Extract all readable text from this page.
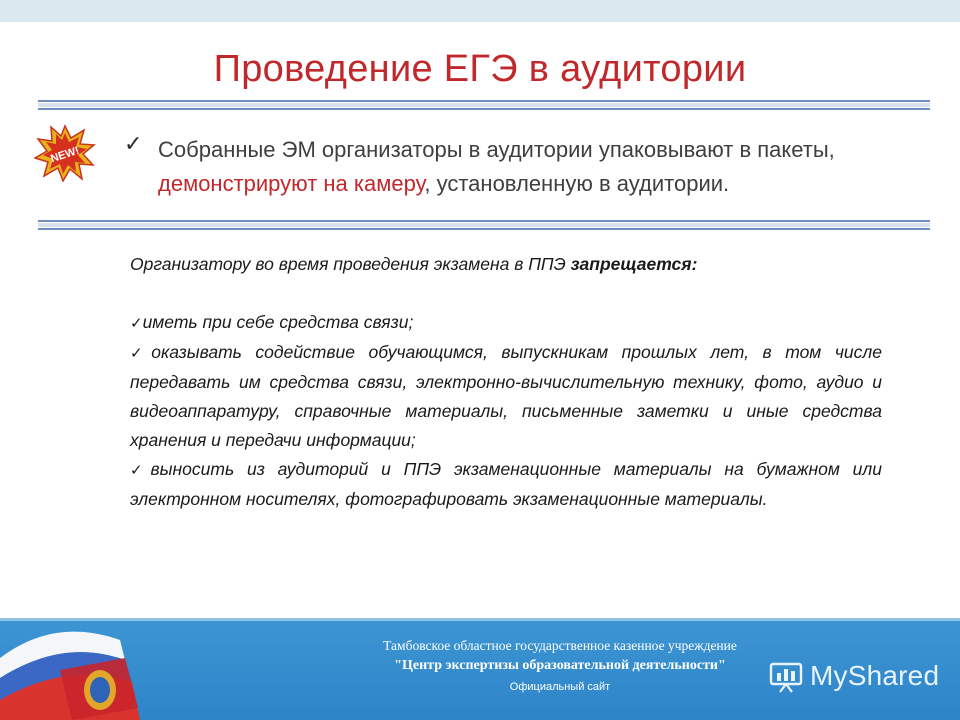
Проведение ЕГЭ в аудитории
NEW! ✓ Собранные ЭМ организаторы в аудитории упаковывают в пакеты, демонстрируют на камеру, установленную в аудитории.

Организатору во время проведения экзамена в ППЭ запрещается:

✓иметь при себе средства связи;

✓оказывать содействие обучающимся, выпускникам прошлых лет, в том числе передавать им средства связи, электронно-вычислительную технику, фото, аудио и видеоаппаратуру, справочные материалы, письменные заметки и иные средства хранения и передачи информации;

✓выносить из аудиторий и ППЭ экзаменационные материалы на бумажном или электронном носителях, фотографировать экзаменационные материалы.

Тамбовское областное государственное казенное учреждение
"Центр экспертизы образовательной деятельности"
Официальный сайт	MyShared
